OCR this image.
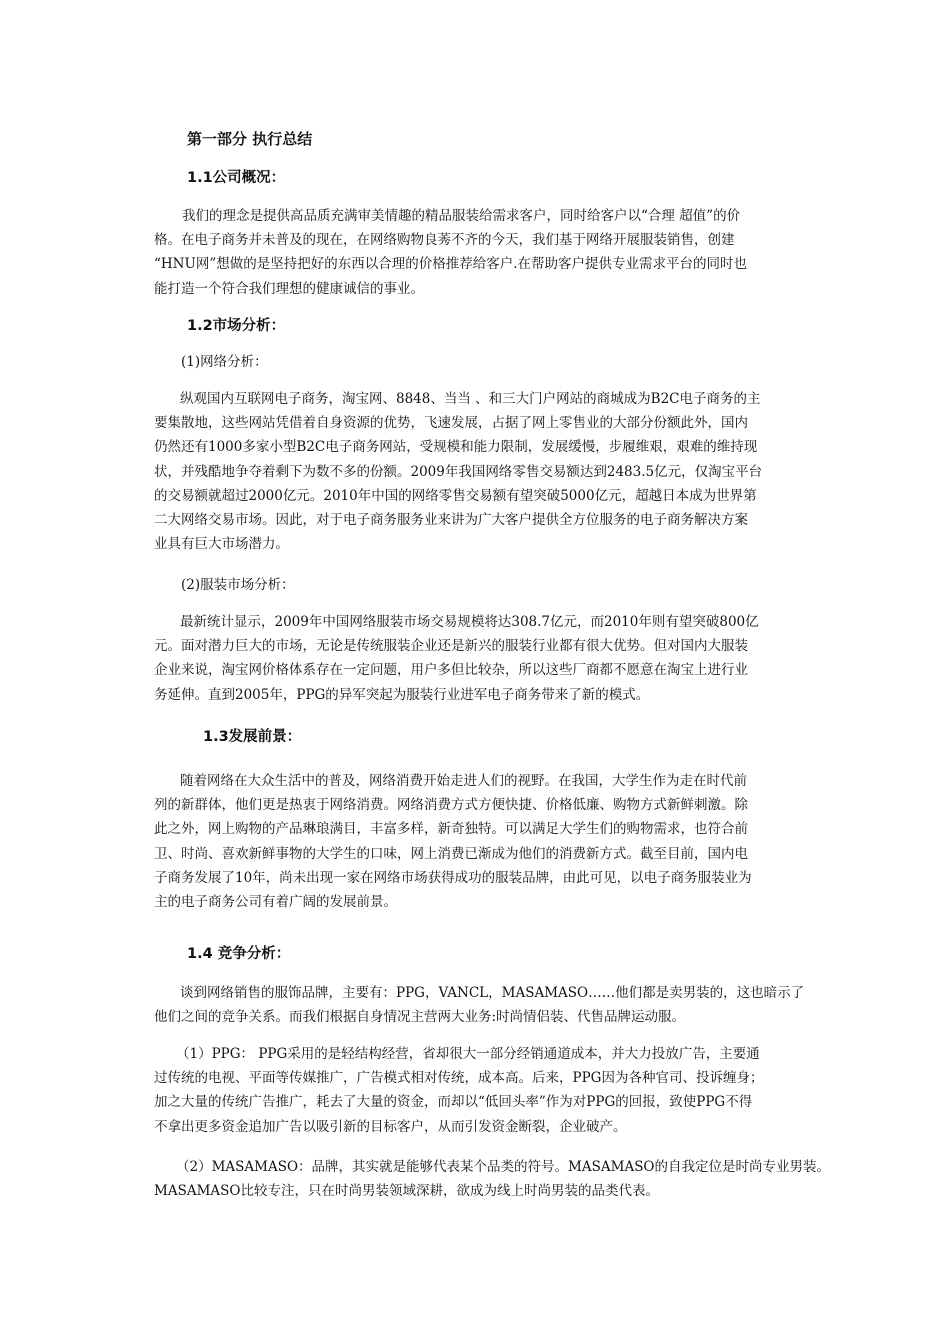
第一部分 执行总结
1.1公司概况：
我们的理念是提供高品质充满审美情趣的精品服装给需求客户，同时给客户以“合理 超值”的价
格。在电子商务并未普及的现在，在网络购物良莠不齐的今天，我们基于网络开展服装销售，创建
“HNU网”想做的是坚持把好的东西以合理的价格推荐给客户.在帮助客户提供专业需求平台的同时也
能打造一个符合我们理想的健康诚信的事业。
1.2市场分析：
(1)网络分析：
纵观国内互联网电子商务，淘宝网、8848、当当 、和三大门户网站的商城成为B2C电子商务的主
要集散地，这些网站凭借着自身资源的优势，飞速发展，占据了网上零售业的大部分份额此外，国内
仍然还有1000多家小型B2C电子商务网站，受规模和能力限制，发展缓慢，步履维艰，艰难的维持现
状，并残酷地争夺着剩下为数不多的份额。2009年我国网络零售交易额达到2483.5亿元，仅淘宝平台
的交易额就超过2000亿元。2010年中国的网络零售交易额有望突破5000亿元，超越日本成为世界第
二大网络交易市场。因此，对于电子商务服务业来讲为广大客户提供全方位服务的电子商务解决方案
业具有巨大市场潜力。
(2)服装市场分析：
最新统计显示，2009年中国网络服装市场交易规模将达308.7亿元，而2010年则有望突破800亿
元。面对潜力巨大的市场，无论是传统服装企业还是新兴的服装行业都有很大优势。但对国内大服装
企业来说，淘宝网价格体系存在一定问题，用户多但比较杂，所以这些厂商都不愿意在淘宝上进行业
务延伸。直到2005年，PPG的异军突起为服装行业进军电子商务带来了新的模式。
1.3发展前景：
随着网络在大众生活中的普及，网络消费开始走进人们的视野。在我国，大学生作为走在时代前
列的新群体，他们更是热衷于网络消费。网络消费方式方便快捷、价格低廉、购物方式新鲜刺激。除
此之外，网上购物的产品琳琅满目，丰富多样，新奇独特。可以满足大学生们的购物需求，也符合前
卫、时尚、喜欢新鲜事物的大学生的口味，网上消费已渐成为他们的消费新方式。截至目前，国内电
子商务发展了10年，尚未出现一家在网络市场获得成功的服装品牌，由此可见，以电子商务服装业为
主的电子商务公司有着广阔的发展前景。
1.4 竞争分析：
谈到网络销售的服饰品牌，主要有：PPG，VANCL，MASAMASO……他们都是卖男装的，这也暗示了
他们之间的竞争关系。而我们根据自身情况主营两大业务:时尚情侣装、代售品牌运动服。
（1）PPG： PPG采用的是轻结构经营，省却很大一部分经销通道成本，并大力投放广告，主要通
过传统的电视、平面等传媒推广，广告模式相对传统，成本高。后来，PPG因为各种官司、投诉缠身；
加之大量的传统广告推广，耗去了大量的资金，而却以“低回头率”作为对PPG的回报，致使PPG不得
不拿出更多资金追加广告以吸引新的目标客户，从而引发资金断裂，企业破产。
（2）MASAMASO：品牌，其实就是能够代表某个品类的符号。MASAMASO的自我定位是时尚专业男装。
MASAMASO比较专注，只在时尚男装领域深耕，欲成为线上时尚男装的品类代表。
